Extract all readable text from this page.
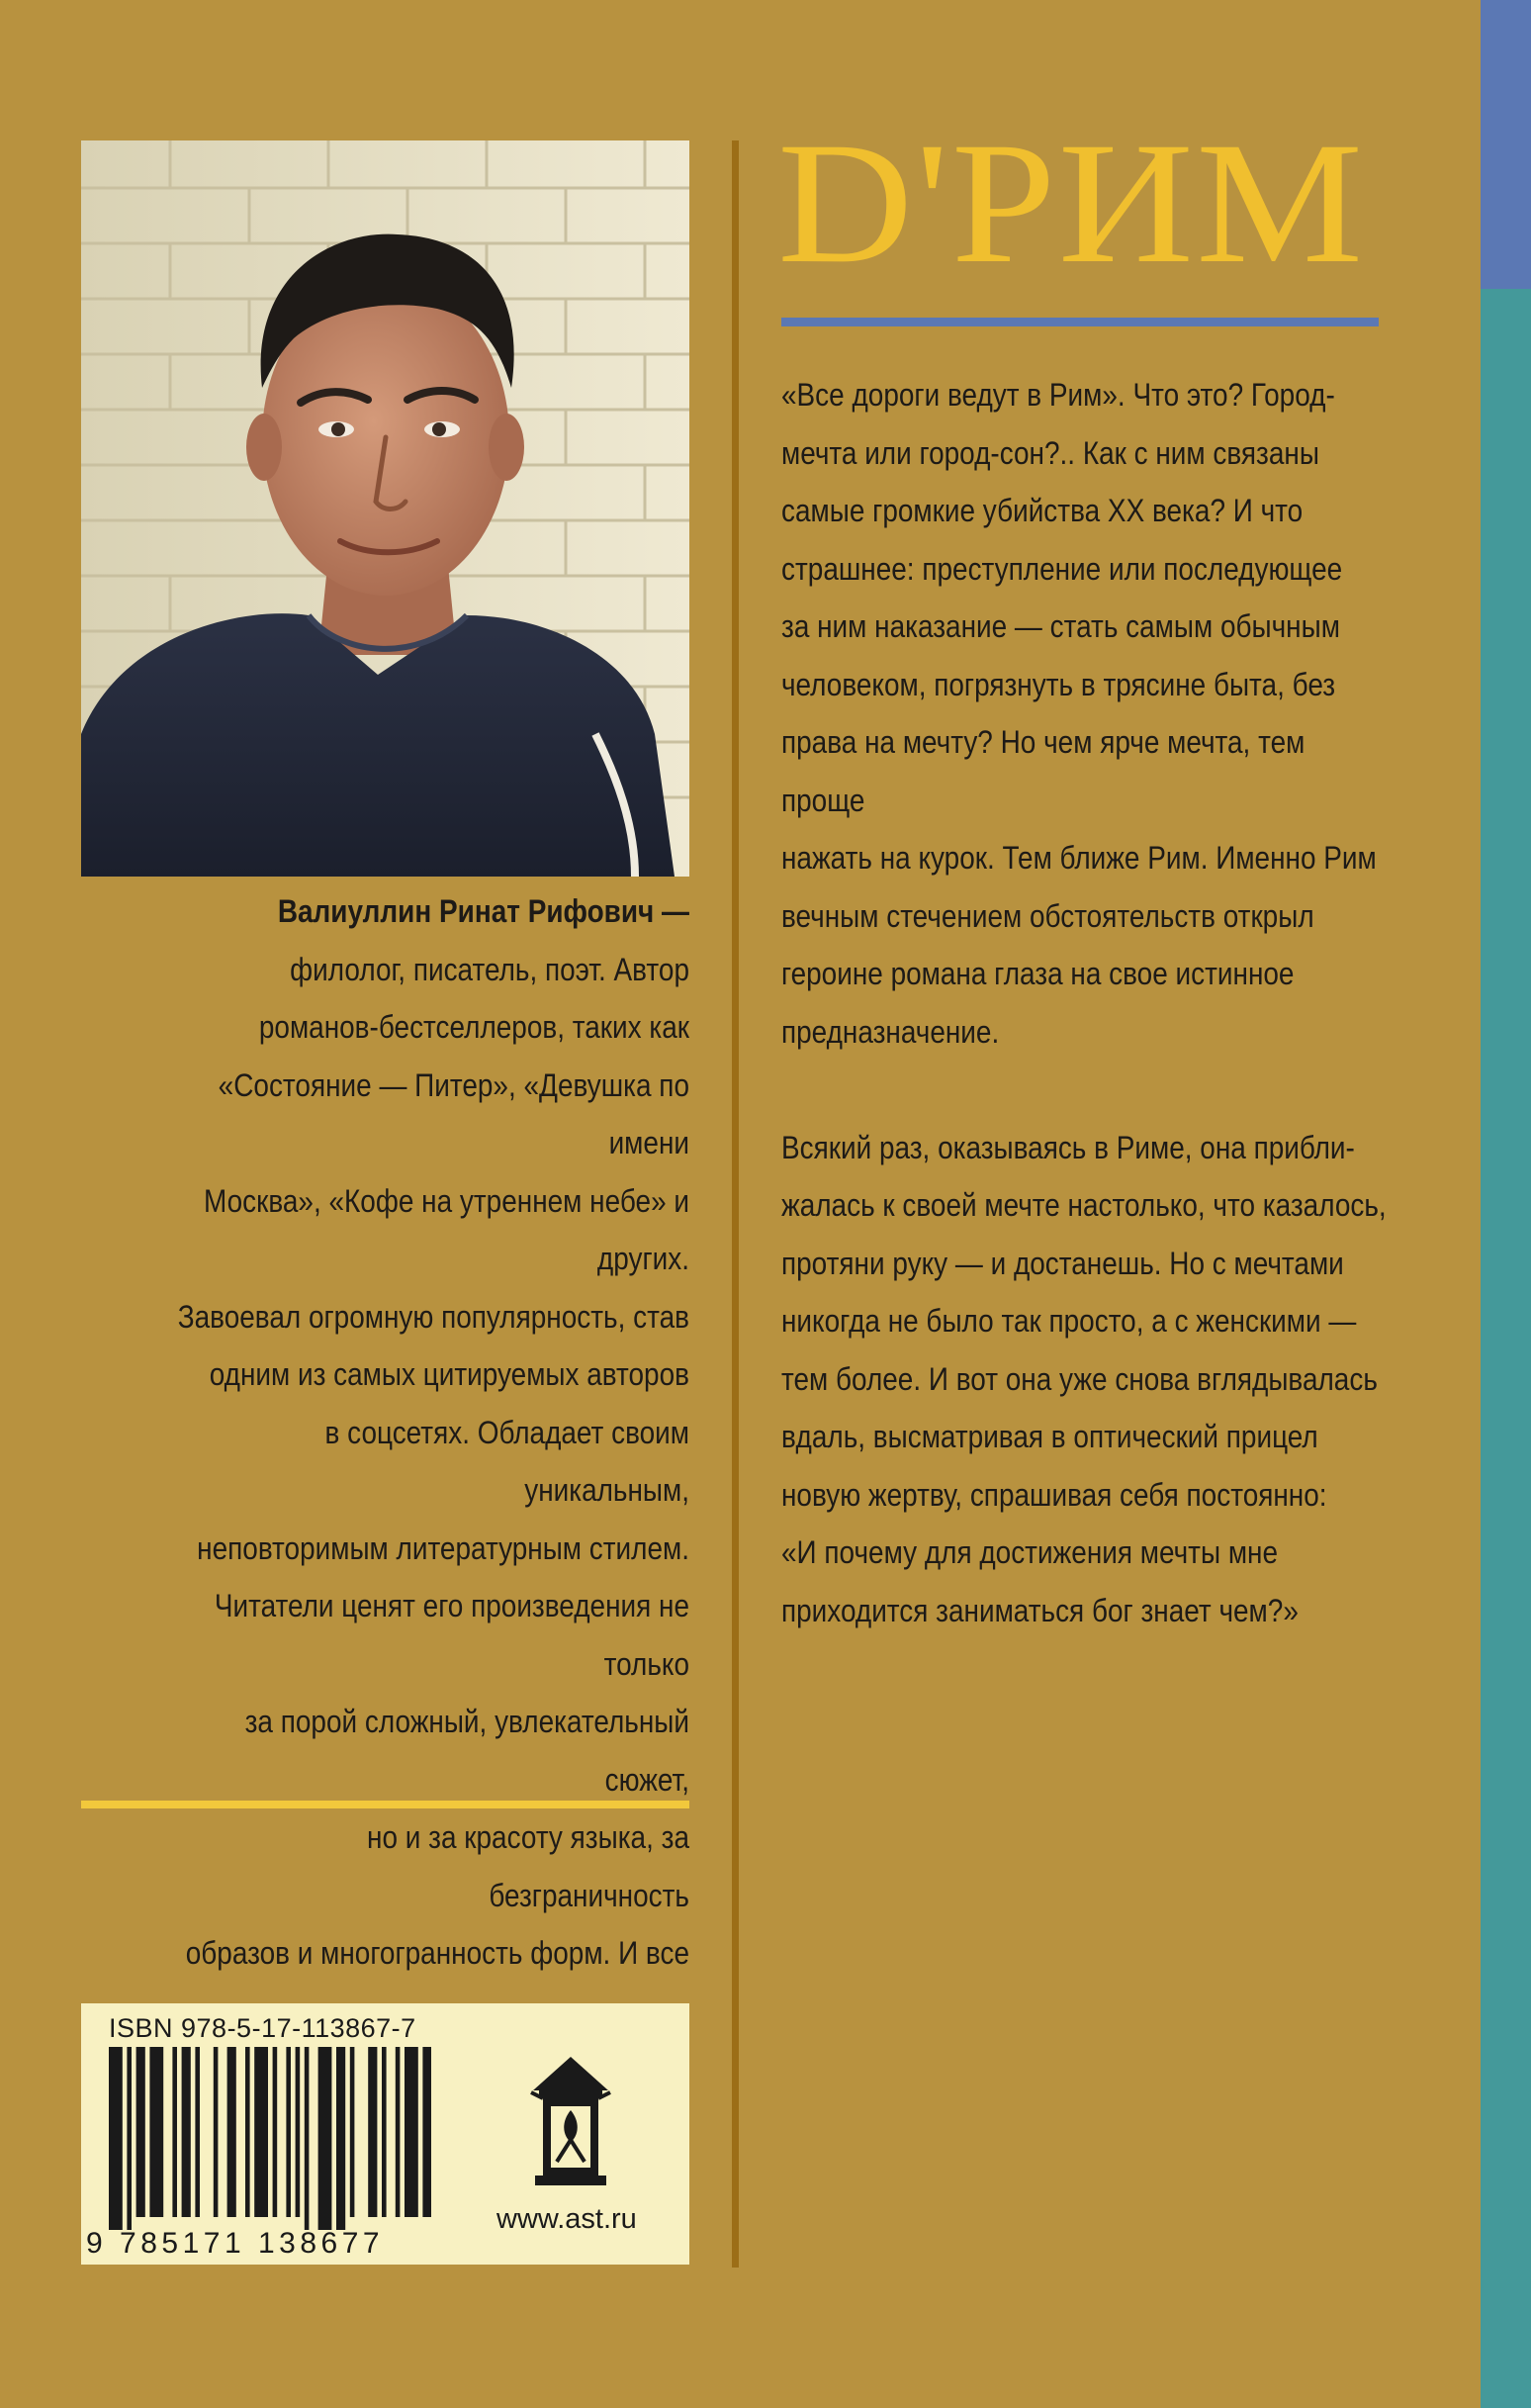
Валиуллин Ринат Рифович —
филолог, писатель, поэт. Автор
романов-бестселлеров, таких как
«Состояние — Питер», «Девушка по имени
Москва», «Кофе на утреннем небе» и других.
Завоевал огромную популярность, став
одним из самых цитируемых авторов
в соцсетях. Обладает своим уникальным,
неповторимым литературным стилем.
Читатели ценят его произведения не только
за порой сложный, увлекательный сюжет,
но и за красоту языка, за безграничность
образов и многогранность форм. И все
ISBN 978-5-17-113867-7
9 785171 138677
www.ast.ru
D'РИМ

«Все дороги ведут в Рим». Что это? Город-
мечта или город-сон?.. Как с ним связаны
самые громкие убийства XX века? И что
страшнее: преступление или последующее
за ним наказание — стать самым обычным
человеком, погрязнуть в трясине быта, без
права на мечту? Но чем ярче мечта, тем проще
нажать на курок. Тем ближе Рим. Именно Рим
вечным стечением обстоятельств открыл
героине романа глаза на свое истинное
предназначение.

Всякий раз, оказываясь в Риме, она прибли-
жалась к своей мечте настолько, что казалось,
протяни руку — и достанешь. Но с мечтами
никогда не было так просто, а с женскими —
тем более. И вот она уже снова вглядывалась
вдаль, высматривая в оптический прицел
новую жертву, спрашивая себя постоянно:
«И почему для достижения мечты мне
приходится заниматься бог знает чем?»
